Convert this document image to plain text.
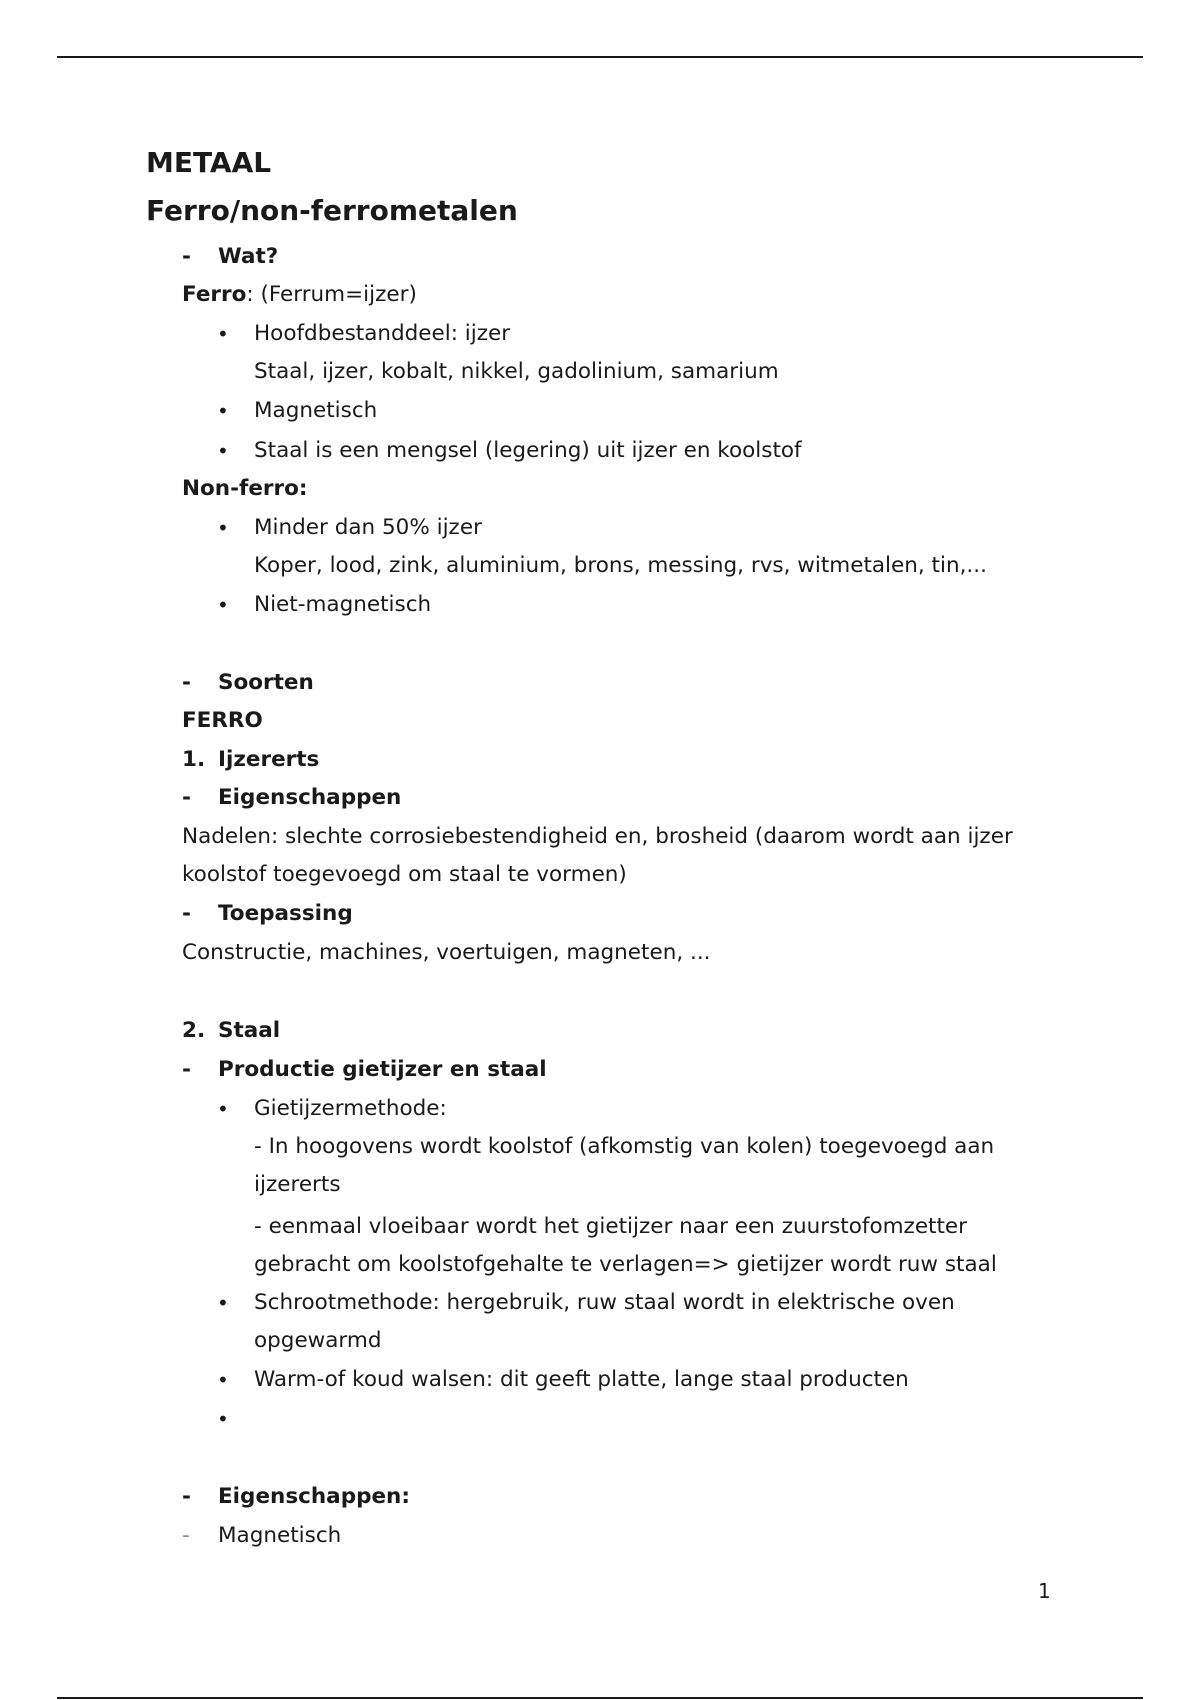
METAAL
Ferro/non-ferrometalen
- Wat?
Ferro: (Ferrum=ijzer)
• Hoofdbestanddeel: ijzer
Staal, ijzer, kobalt, nikkel, gadolinium, samarium
• Magnetisch
• Staal is een mengsel (legering) uit ijzer en koolstof
Non-ferro:
• Minder dan 50% ijzer
Koper, lood, zink, aluminium, brons, messing, rvs, witmetalen, tin,...
• Niet-magnetisch
- Soorten
FERRO
1. Ijzererts
- Eigenschappen
Nadelen: slechte corrosiebestendigheid en, brosheid (daarom wordt aan ijzer
koolstof toegevoegd om staal te vormen)
- Toepassing
Constructie, machines, voertuigen, magneten, ...
2. Staal
- Productie gietijzer en staal
• Gietijzermethode:
- In hoogovens wordt koolstof (afkomstig van kolen) toegevoegd aan
ijzererts
- eenmaal vloeibaar wordt het gietijzer naar een zuurstofomzetter
gebracht om koolstofgehalte te verlagen=> gietijzer wordt ruw staal
• Schrootmethode: hergebruik, ruw staal wordt in elektrische oven
opgewarmd
• Warm-of koud walsen: dit geeft platte, lange staal producten
•
- Eigenschappen:
- Magnetisch
1
